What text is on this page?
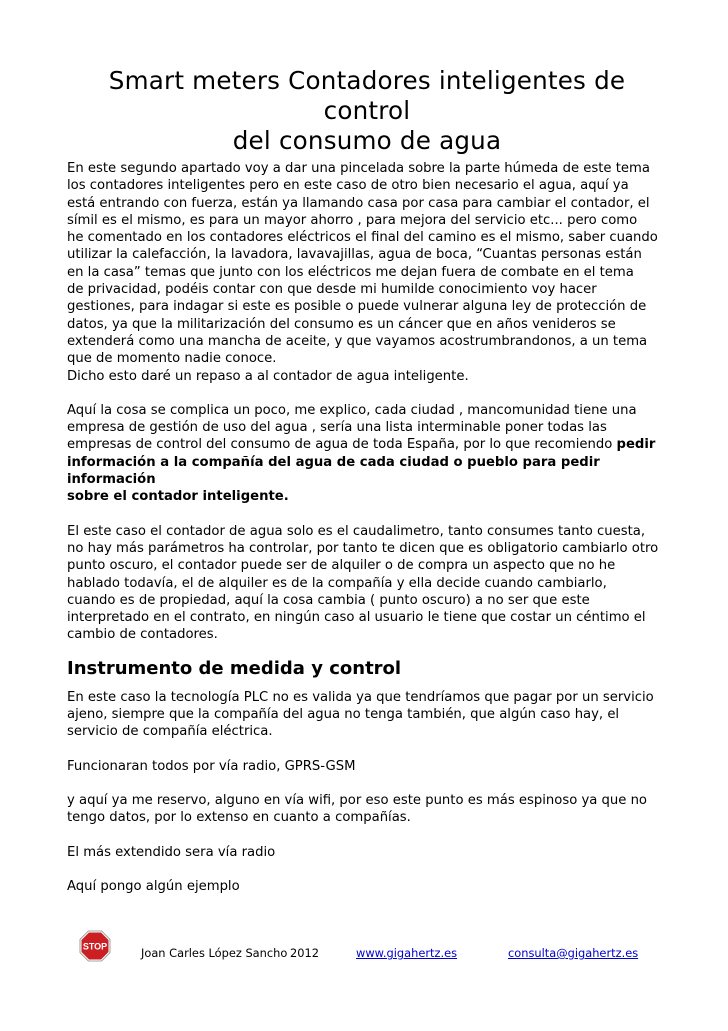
Smart meters Contadores inteligentes de control
del consumo de agua

En este segundo apartado voy a dar una pincelada sobre la parte húmeda de este tema
los contadores inteligentes pero en este caso de otro bien necesario el agua, aquí ya
está entrando con fuerza, están ya llamando casa por casa para cambiar el contador, el
símil es el mismo, es para un mayor ahorro , para mejora del servicio etc... pero como
he comentado en los contadores eléctricos el final del camino es el mismo, saber cuando
utilizar la calefacción, la lavadora, lavavajillas, agua de boca, “Cuantas personas están
en la casa” temas que junto con los eléctricos me dejan fuera de combate en el tema
de privacidad, podéis contar con que desde mi humilde conocimiento voy hacer
gestiones, para indagar si este es posible o puede vulnerar alguna ley de protección de
datos, ya que la militarización del consumo es un cáncer que en años venideros se
extenderá como una mancha de aceite, y que vayamos acostrumbrandonos, a un tema
que de momento nadie conoce.
Dicho esto daré un repaso a al contador de agua inteligente.

Aquí la cosa se complica un poco, me explico, cada ciudad , mancomunidad tiene una
empresa de gestión de uso del agua , sería una lista interminable poner todas las
empresas de control del consumo de agua de toda España, por lo que recomiendo pedir
información a la compañía del agua de cada ciudad o pueblo para pedir información
sobre el contador inteligente.

El este caso el contador de agua solo es el caudalimetro, tanto consumes tanto cuesta,
no hay más parámetros ha controlar, por tanto te dicen que es obligatorio cambiarlo otro
punto oscuro, el contador puede ser de alquiler o de compra un aspecto que no he
hablado todavía, el de alquiler es de la compañía y ella decide cuando cambiarlo,
cuando es de propiedad, aquí la cosa cambia ( punto oscuro) a no ser que este
interpretado en el contrato, en ningún caso al usuario le tiene que costar un céntimo el
cambio de contadores.

Instrumento de medida y control

En este caso la tecnología PLC no es valida ya que tendríamos que pagar por un servicio
ajeno, siempre que la compañía del agua no tenga también, que algún caso hay, el
servicio de compañía eléctrica.

Funcionaran todos por vía radio, GPRS-GSM

y aquí ya me reservo, alguno en vía wifi, por eso este punto es más espinoso ya que no
tengo datos, por lo extenso en cuanto a compañías.

El más extendido sera vía radio

Aquí pongo algún ejemplo

STOP	Joan Carles López Sancho 2012	www.gigahertz.es	consulta@gigahertz.es
